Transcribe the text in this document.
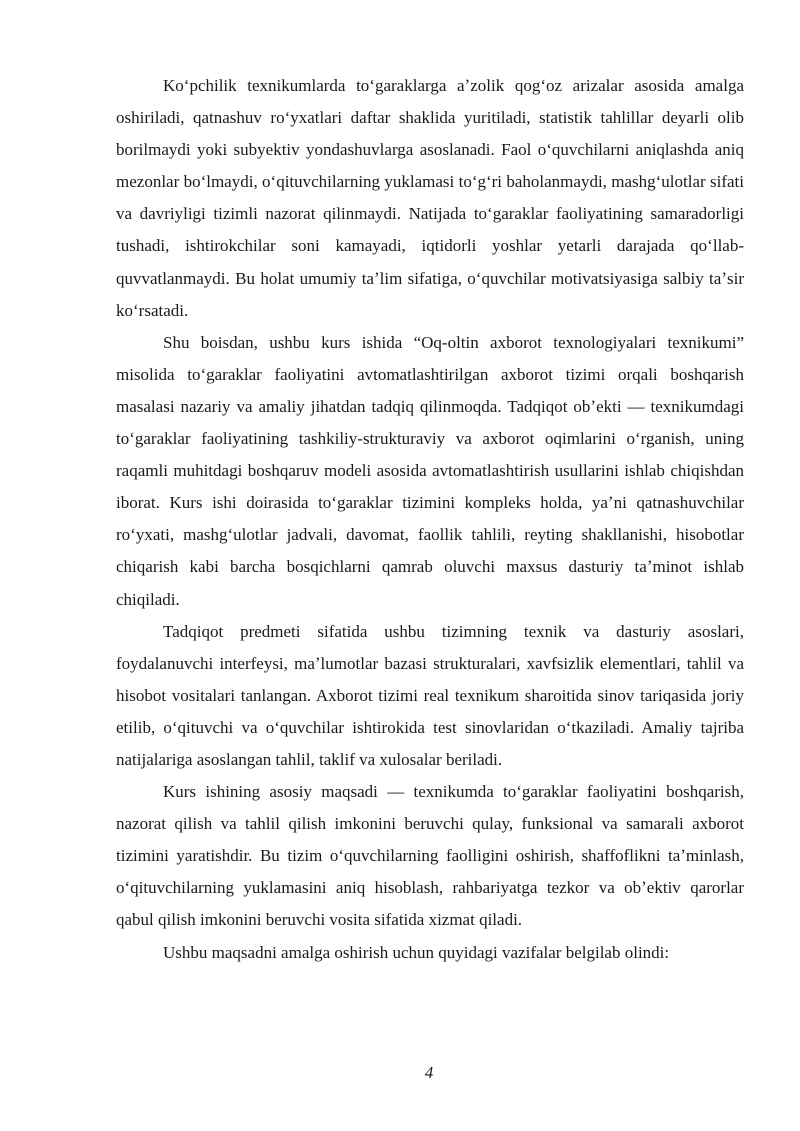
Koʻpchilik texnikumlarda toʻgaraklarga aʼzolik qogʻoz arizalar asosida amalga oshiriladi, qatnashuv roʻyxatlari daftar shaklida yuritiladi, statistik tahlillar deyarli olib borilmaydi yoki subyektiv yondashuvlarga asoslanadi. Faol oʻquvchilarni aniqlashda aniq mezonlar boʻlmaydi, oʻqituvchilarning yuklamasi toʻgʻri baholanmaydi, mashgʻulotlar sifati va davriyligi tizimli nazorat qilinmaydi. Natijada toʻgaraklar faoliyatining samaradorligi tushadi, ishtirokchilar soni kamayadi, iqtidorli yoshlar yetarli darajada qoʻllab-quvvatlanmaydi. Bu holat umumiy taʼlim sifatiga, oʻquvchilar motivatsiyasiga salbiy taʼsir koʻrsatadi.

Shu boisdan, ushbu kurs ishida “Oq-oltin axborot texnologiyalari texnikumi” misolida toʻgaraklar faoliyatini avtomatlashtirilgan axborot tizimi orqali boshqarish masalasi nazariy va amaliy jihatdan tadqiq qilinmoqda. Tadqiqot obʼekti — texnikumdagi toʻgaraklar faoliyatining tashkiliy-strukturaviy va axborot oqimlarini oʻrganish, uning raqamli muhitdagi boshqaruv modeli asosida avtomatlashtirish usullarini ishlab chiqishdan iborat. Kurs ishi doirasida toʻgaraklar tizimini kompleks holda, yaʼni qatnashuvchilar roʻyxati, mashgʻulotlar jadvali, davomat, faollik tahlili, reyting shakllanishi, hisobotlar chiqarish kabi barcha bosqichlarni qamrab oluvchi maxsus dasturiy taʼminot ishlab chiqiladi.

Tadqiqot predmeti sifatida ushbu tizimning texnik va dasturiy asoslari, foydalanuvchi interfeysi, maʼlumotlar bazasi strukturalari, xavfsizlik elementlari, tahlil va hisobot vositalari tanlangan. Axborot tizimi real texnikum sharoitida sinov tariqasida joriy etilib, oʻqituvchi va oʻquvchilar ishtirokida test sinovlaridan oʻtkaziladi. Amaliy tajriba natijalariga asoslangan tahlil, taklif va xulosalar beriladi.

Kurs ishining asosiy maqsadi — texnikumda toʻgaraklar faoliyatini boshqarish, nazorat qilish va tahlil qilish imkonini beruvchi qulay, funksional va samarali axborot tizimini yaratishdir. Bu tizim oʻquvchilarning faolligini oshirish, shaffoflikni taʼminlash, oʻqituvchilarning yuklamasini aniq hisoblash, rahbariyatga tezkor va obʼektiv qarorlar qabul qilish imkonini beruvchi vosita sifatida xizmat qiladi.

Ushbu maqsadni amalga oshirish uchun quyidagi vazifalar belgilab olindi:

4
